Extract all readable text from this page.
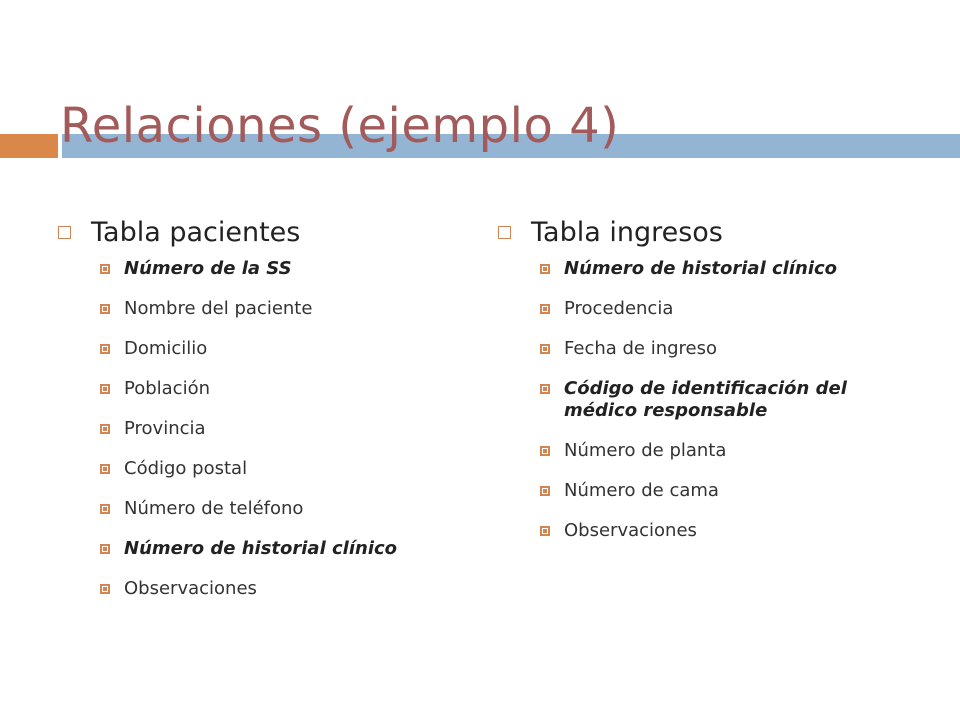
Relaciones (ejemplo 4)
Tabla pacientes
Número de la SS
Nombre del paciente
Domicilio
Población
Provincia
Código postal
Número de teléfono
Número de historial clínico
Observaciones
Tabla ingresos
Número de historial clínico
Procedencia
Fecha de ingreso
Código de identificación del médico responsable
Número de planta
Número de cama
Observaciones
